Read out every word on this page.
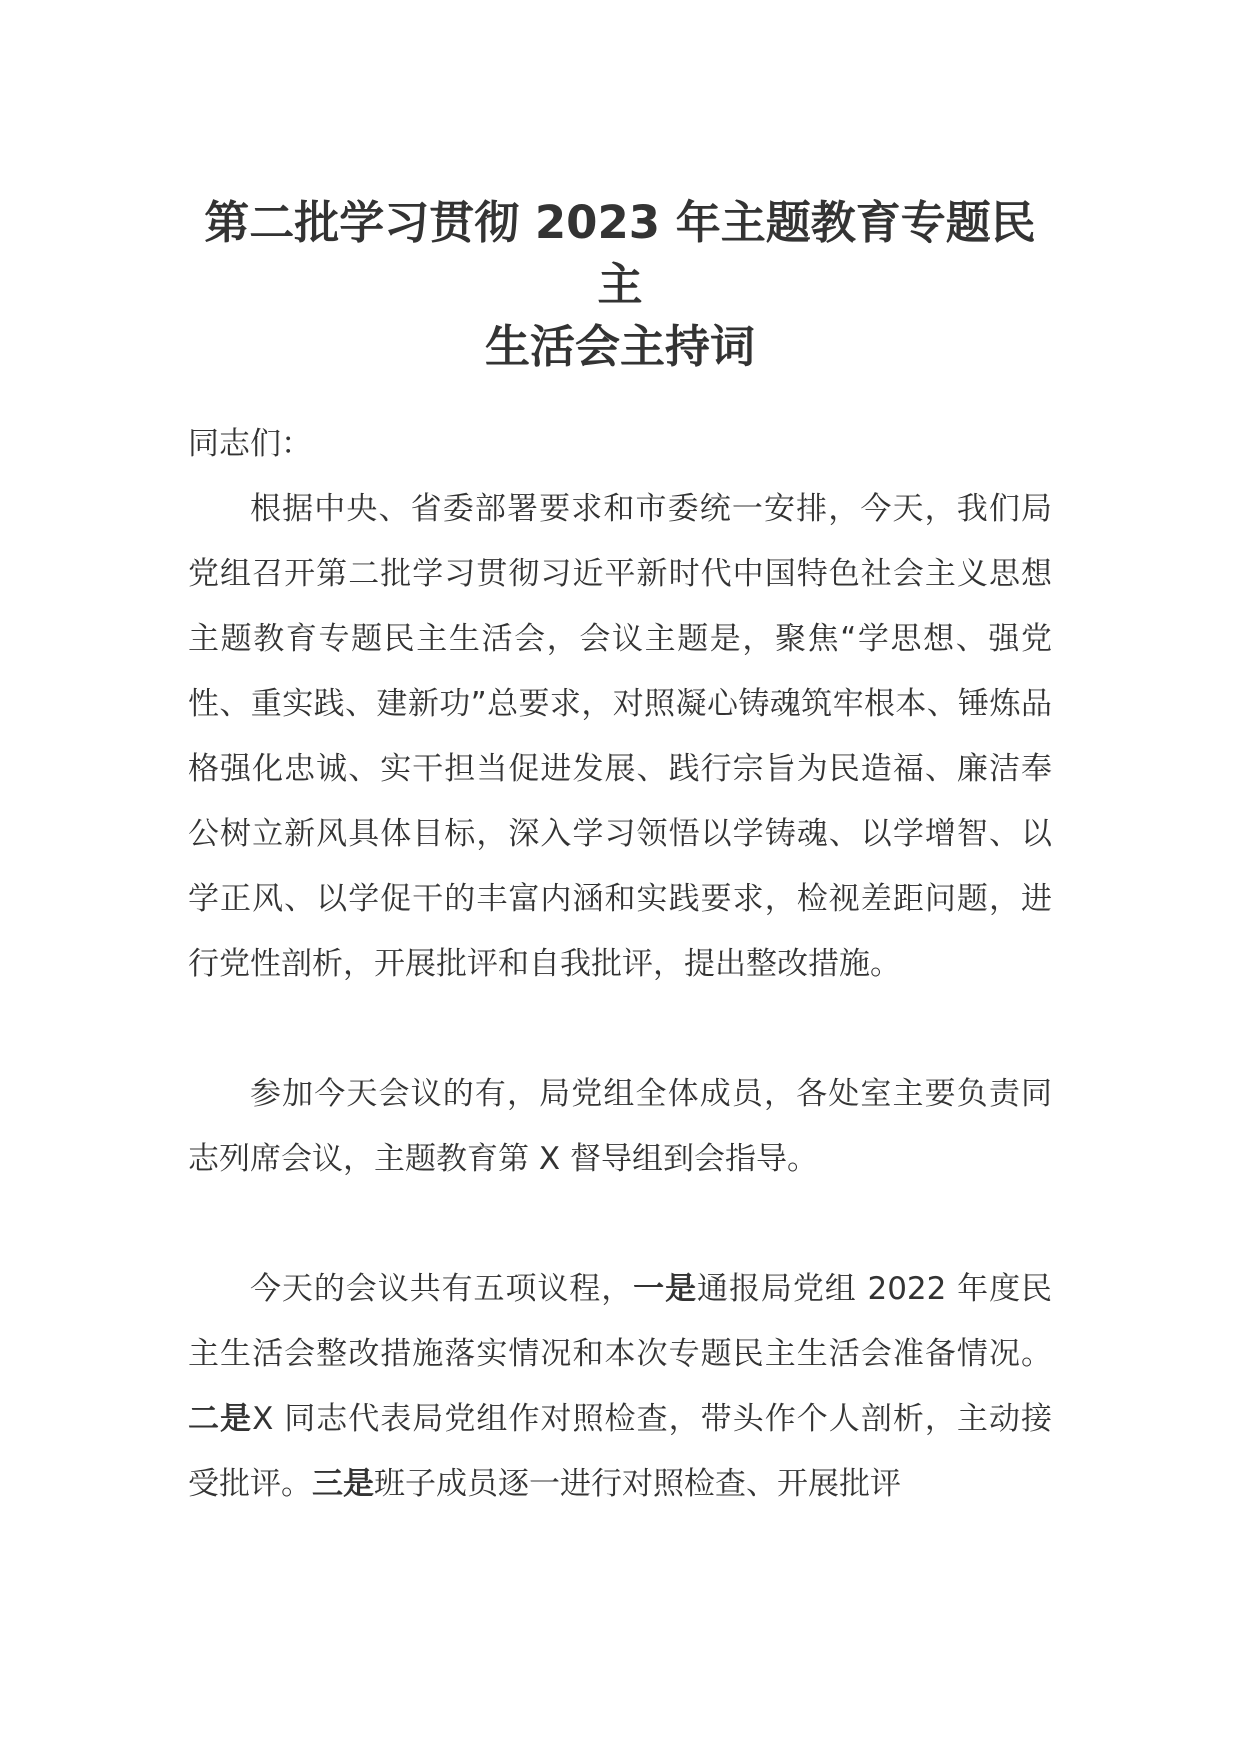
第二批学习贯彻 2023 年主题教育专题民主
生活会主持词

同志们：

根据中央、省委部署要求和市委统一安排，今天，我们局党组召开第二批学习贯彻习近平新时代中国特色社会主义思想主题教育专题民主生活会，会议主题是，聚焦“学思想、强党性、重实践、建新功”总要求，对照凝心铸魂筑牢根本、锤炼品格强化忠诚、实干担当促进发展、践行宗旨为民造福、廉洁奉公树立新风具体目标，深入学习领悟以学铸魂、以学增智、以学正风、以学促干的丰富内涵和实践要求，检视差距问题，进行党性剖析，开展批评和自我批评，提出整改措施。

参加今天会议的有，局党组全体成员，各处室主要负责同志列席会议，主题教育第 X 督导组到会指导。

今天的会议共有五项议程，一是通报局党组 2022 年度民主生活会整改措施落实情况和本次专题民主生活会准备情况。二是X 同志代表局党组作对照检查，带头作个人剖析，主动接受批评。三是班子成员逐一进行对照检查、开展批评
